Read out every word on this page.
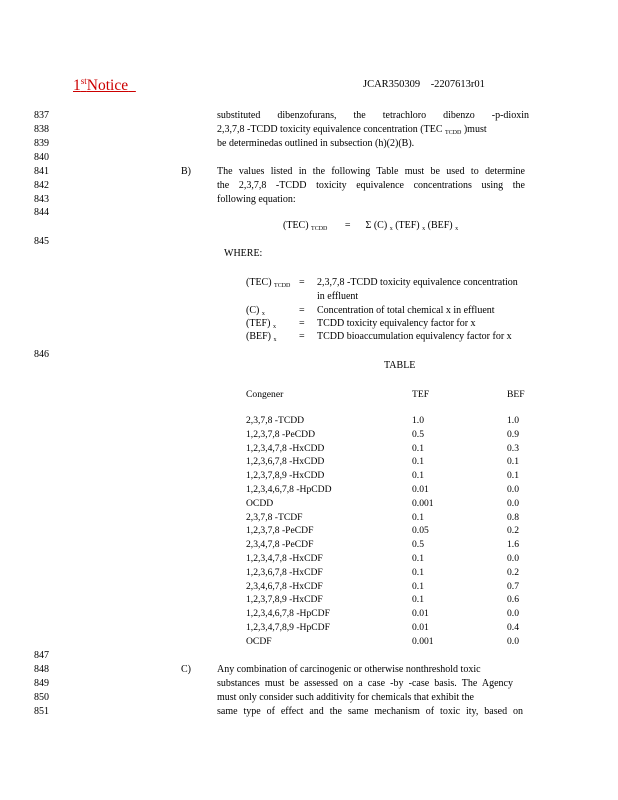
1stNotice	JCAR350309 -2207613r01
837
838
839
840
841
842
843
844
845
846
847
848
849
850
851
substituted dibenzofurans, the tetrachloro dibenzo -p-dioxin
2,3,7,8 -TCDD toxicity equivalence concentration (TEC $_{TCDD}$ )must
be determinedas outlined in subsection (h)(2)(B).
B)	The values listed in the following Table must be used to determine
the 2,3,7,8 -TCDD toxicity equivalence concentrations using the
following equation:
(TEC) $_{TCDD}$ = Σ (C) $_x$ (TEF) $_x$ (BEF) $_x$
WHERE:
(TEC) $_{TCDD}$ = 2,3,7,8 -TCDD toxicity equivalence concentration
in effluent
(C) $_x$	= Concentration of total chemical x in effluent
(TEF) $_x$ = TCDD toxicity equivalency factor for x
(BEF) $_x$ = TCDD bioaccumulation equivalency factor for x
TABLE
Congener	TEF	BEF
2,3,7,8 -TCDD	1.0	1.0
1,2,3,7,8 -PeCDD	0.5	0.9
1,2,3,4,7,8 -HxCDD	0.1	0.3
1,2,3,6,7,8 -HxCDD	0.1	0.1
1,2,3,7,8,9 -HxCDD	0.1	0.1
1,2,3,4,6,7,8 -HpCDD	0.01	0.0
OCDD	0.001	0.0
2,3,7,8 -TCDF	0.1	0.8
1,2,3,7,8 -PeCDF	0.05	0.2
2,3,4,7,8 -PeCDF	0.5	1.6
1,2,3,4,7,8 -HxCDF	0.1	0.0
1,2,3,6,7,8 -HxCDF	0.1	0.2
2,3,4,6,7,8 -HxCDF	0.1	0.7
1,2,3,7,8,9 -HxCDF	0.1	0.6
1,2,3,4,6,7,8 -HpCDF	0.01	0.0
1,2,3,4,7,8,9 -HpCDF	0.01	0.4
OCDF	0.001	0.0
C)	Any combination of carcinogenic or otherwise nonthreshold toxic
substances must be assessed on a case -by -case basis. The Agency
must only consider such additivity for chemicals that exhibit the
same type of effect and the same mechanism of toxic ity, based on
